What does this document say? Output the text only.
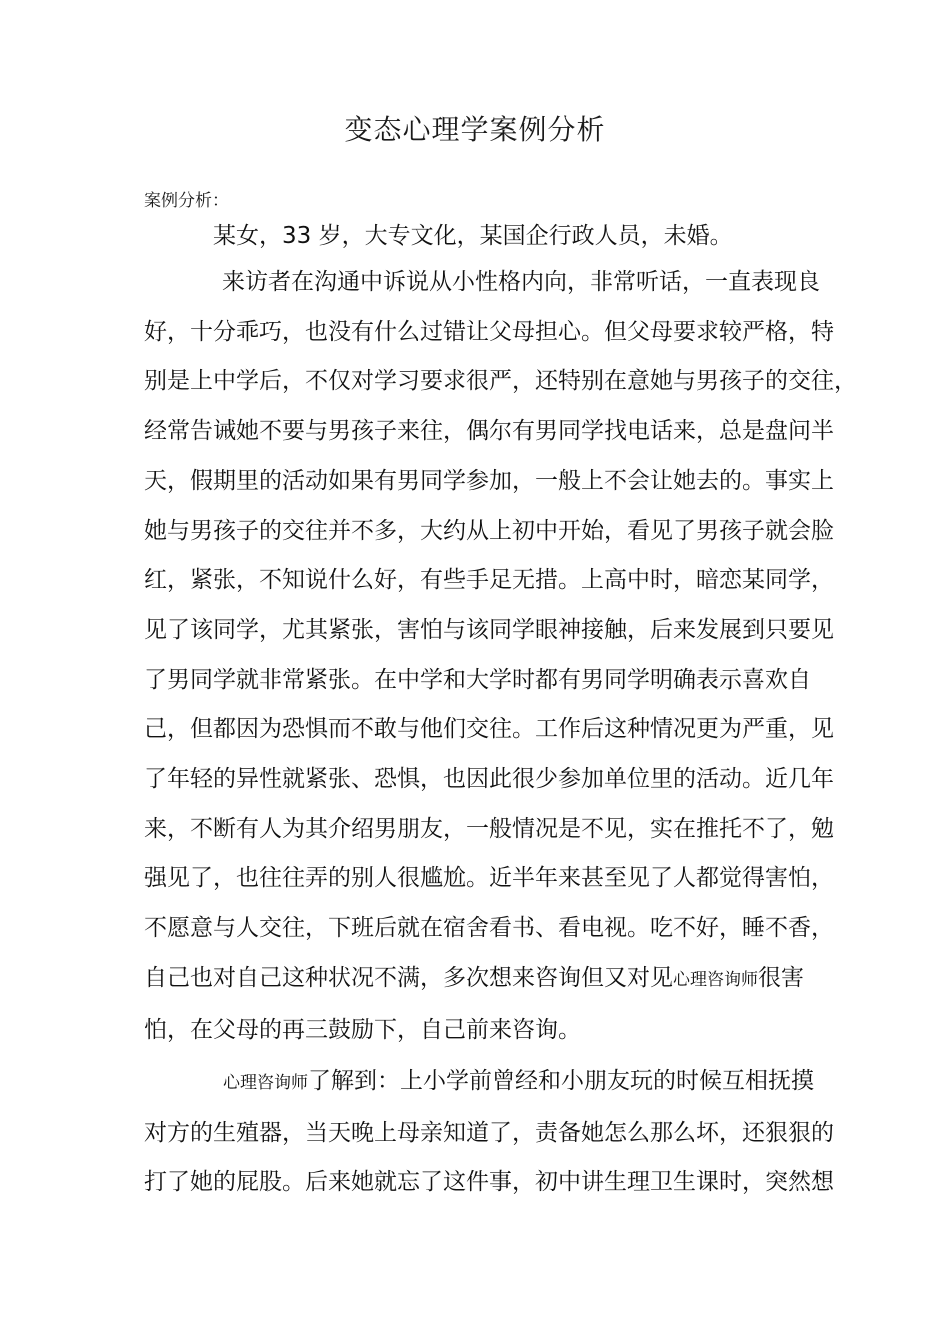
变态心理学案例分析
案例分析：

某女，33 岁，大专文化，某国企行政人员，未婚。

来访者在沟通中诉说从小性格内向，非常听话，一直表现良
好，十分乖巧，也没有什么过错让父母担心。但父母要求较严格，特
别是上中学后，不仅对学习要求很严，还特别在意她与男孩子的交往，
经常告诫她不要与男孩子来往，偶尔有男同学找电话来，总是盘问半
天，假期里的活动如果有男同学参加，一般上不会让她去的。事实上
她与男孩子的交往并不多，大约从上初中开始，看见了男孩子就会脸
红，紧张，不知说什么好，有些手足无措。上高中时，暗恋某同学，
见了该同学，尤其紧张，害怕与该同学眼神接触，后来发展到只要见
了男同学就非常紧张。在中学和大学时都有男同学明确表示喜欢自
己，但都因为恐惧而不敢与他们交往。工作后这种情况更为严重，见
了年轻的异性就紧张、恐惧，也因此很少参加单位里的活动。近几年
来，不断有人为其介绍男朋友，一般情况是不见，实在推托不了，勉
强见了，也往往弄的别人很尴尬。近半年来甚至见了人都觉得害怕，
不愿意与人交往，下班后就在宿舍看书、看电视。吃不好，睡不香，
自己也对自己这种状况不满，多次想来咨询但又对见心理咨询师很害
怕，在父母的再三鼓励下，自己前来咨询。
心理咨询师了解到：上小学前曾经和小朋友玩的时候互相抚摸
对方的生殖器，当天晚上母亲知道了，责备她怎么那么坏，还狠狠的
打了她的屁股。后来她就忘了这件事，初中讲生理卫生课时，突然想
